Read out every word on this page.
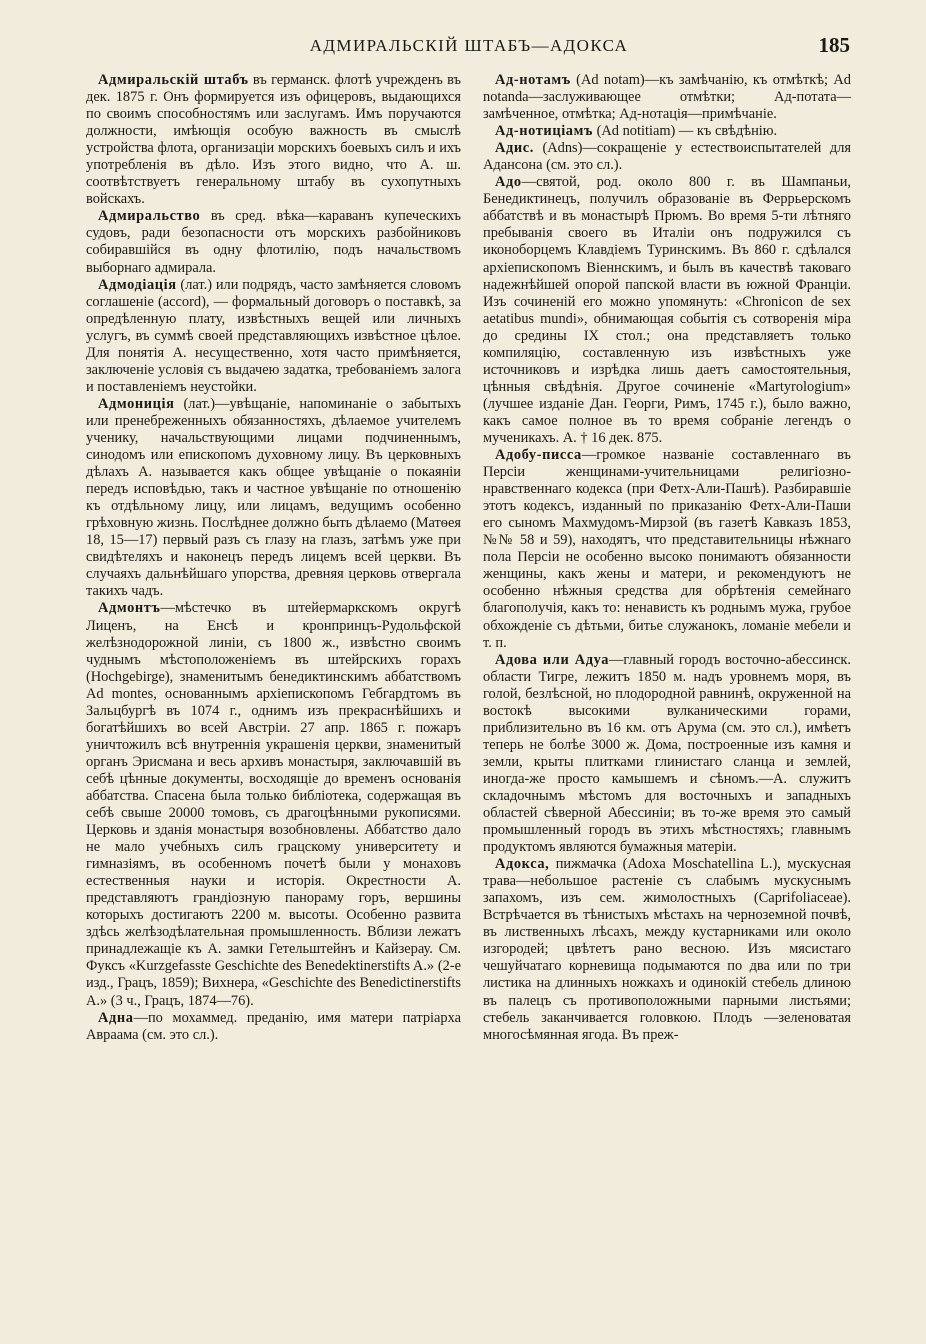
АДМИРАЛЬСКІЙ ШТАБЪ—АДОКСА	185

Адмиральскій штабъ въ германск. флотѣ учрежденъ въ дек. 1875 г. Онъ формируется изъ офицеровъ, выдающихся по своимъ способностямъ или заслугамъ. Имъ поручаются должности, имѣющія особую важность въ смыслѣ устройства флота, организаціи морскихъ боевыхъ силъ и ихъ употребленія въ дѣло. Изъ этого видно, что А. ш. соотвѣтствуетъ генеральному штабу въ сухопутныхъ войскахъ.

Адмиральство въ сред. вѣка—караванъ купеческихъ судовъ, ради безопасности отъ морскихъ разбойниковъ собиравшійся въ одну флотилію, подъ начальствомъ выборнаго адмирала.

Адмодіація (лат.) или подрядъ, часто замѣняется словомъ соглашеніе (accord), — формальный договоръ о поставкѣ, за опредѣленную плату, извѣстныхъ вещей или личныхъ услугъ, въ суммѣ своей представляющихъ извѣстное цѣлое. Для понятія А. несущественно, хотя часто примѣняется, заключеніе условія съ выдачею задатка, требованіемъ залога и поставленіемъ неустойки.

Адмониція (лат.)—увѣщаніе, напоминаніе о забытыхъ или пренебреженныхъ обязанностяхъ, дѣлаемое учителемъ ученику, начальствующими лицами подчиненнымъ, синодомъ или епископомъ духовному лицу. Въ церковныхъ дѣлахъ А. называется какъ общее увѣщаніе о покаяніи передъ исповѣдью, такъ и частное увѣщаніе по отношенію къ отдѣльному лицу, или лицамъ, ведущимъ особенно грѣховную жизнь. Послѣднее должно быть дѣлаемо (Матѳея 18, 15—17) первый разъ съ глазу на глазъ, затѣмъ уже при свидѣтеляхъ и наконецъ передъ лицемъ всей церкви. Въ случаяхъ дальнѣйшаго упорства, древняя церковь отвергала такихъ чадъ.

Адмонтъ—мѣстечко въ штейермаркскомъ округѣ Лиценъ, на Енсѣ и кронпринцъ-Рудольфской желѣзнодорожной линіи, съ 1800 ж., извѣстно своимъ чуднымъ мѣстоположеніемъ въ штейрскихъ горахъ (Hochgebirge), знаменитымъ бенедиктинскимъ аббатствомъ Ad montes, основаннымъ архіепископомъ Гебгардтомъ въ Зальцбургѣ въ 1074 г., однимъ изъ прекраснѣйшихъ и богатѣйшихъ во всей Австріи. 27 апр. 1865 г. пожаръ уничтожилъ всѣ внутреннія украшенія церкви, знаменитый органъ Эрисмана и весь архивъ монастыря, заключавшій въ себѣ цѣнные документы, восходящіе до временъ основанія аббатства. Спасена была только библіотека, содержащая въ себѣ свыше 20000 томовъ, съ драгоцѣнными рукописями. Церковь и зданія монастыря возобновлены. Аббатство дало не мало учебныхъ силъ грацскому университету и гимназіямъ, въ особенномъ почетѣ были у монаховъ естественныя науки и исторія. Окрестности А. представляютъ грандіозную панораму горъ, вершины которыхъ достигаютъ 2200 м. высоты. Особенно развита здѣсь желѣзодѣлательная промышленность. Вблизи лежатъ принадлежащіе къ А. замки Гетельштейнъ и Кайзерау. См. Фуксъ «Kurzgefasste Geschichte des Benedektinerstifts A.» (2-е изд., Грацъ, 1859); Вихнера, «Geschichte des Benedictinerstifts A.» (3 ч., Грацъ, 1874—76).

Адна—по мохаммед. преданію, имя матери патріарха Авраама (см. это сл.).

Ад-нотамъ (Ad notam)—къ замѣчанію, къ отмѣткѣ; Ad notanda—заслуживающее отмѣтки; Ад-потата—замѣченное, отмѣтка; Ад-нотація—примѣчаніе.

Ад-нотиціамъ (Ad notitiam) — къ свѣдѣнію.

Адис. (Adns)—сокращеніе у естествоиспытателей для Адансона (см. это сл.).

Адо—святой, род. около 800 г. въ Шампаньи, Бенедиктинецъ, получилъ образованіе въ Феррьерскомъ аббатствѣ и въ монастырѣ Прюмъ. Во время 5-ти лѣтняго пребыванія своего въ Италіи онъ подружился съ иконоборцемъ Клавдіемъ Туринскимъ. Въ 860 г. сдѣлался архіепископомъ Віеннскимъ, и былъ въ качествѣ таковаго надежнѣйшей опорой папской власти въ южной Франціи. Изъ сочиненій его можно упомянуть: «Chronicon de sex aetatibus mundi», обнимающая событія съ сотворенія міра до средины IX стол.; она представляетъ только компиляцію, составленную изъ извѣстныхъ уже источниковъ и изрѣдка лишь даетъ самостоятельныя, цѣнныя свѣдѣнія. Другое сочиненіе «Martyrologium» (лучшее изданіе Дан. Георги, Римъ, 1745 г.), было важно, какъ самое полное въ то время собраніе легендъ о мученикахъ. А. † 16 дек. 875.

Адобу-писса—громкое названіе составленнаго въ Персіи женщинами-учительницами религіозно-нравственнаго кодекса (при Фетх-Али-Пашѣ). Разбиравшіе этотъ кодексъ, изданный по приказанію Фетх-Али-Паши его сыномъ Махмудомъ-Мирзой (въ газетѣ Кавказъ 1853, №№ 58 и 59), находятъ, что представительницы нѣжнаго пола Персіи не особенно высоко понимаютъ обязанности женщины, какъ жены и матери, и рекомендуютъ не особенно нѣжныя средства для обрѣтенія семейнаго благополучія, какъ то: ненависть къ роднымъ мужа, грубое обхожденіе съ дѣтьми, битье служанокъ, ломаніе мебели и т. п.

Адова или Адуа—главный городъ восточно-абессинск. области Тигре, лежитъ 1850 м. надъ уровнемъ моря, въ голой, безлѣсной, но плодородной равнинѣ, окруженной на востокѣ высокими вулканическими горами, приблизительно въ 16 км. отъ Арума (см. это сл.), имѣетъ теперь не болѣе 3000 ж. Дома, построенные изъ камня и земли, крыты плитками глинистаго сланца и землей, иногда-же просто камышемъ и сѣномъ.—А. служитъ складочнымъ мѣстомъ для восточныхъ и западныхъ областей сѣверной Абессиніи; въ то-же время это самый промышленный городъ въ этихъ мѣстностяхъ; главнымъ продуктомъ являются бумажныя матеріи.

Адокса, пижмачка (Adoxa Moschatellina L.), мускусная трава—небольшое растеніе съ слабымъ мускуснымъ запахомъ, изъ сем. жимолостныхъ (Caprifoliaceae). Встрѣчается въ тѣнистыхъ мѣстахъ на черноземной почвѣ, въ лиственныхъ лѣсахъ, между кустарниками или около изгородей; цвѣтетъ рано весною. Изъ мясистаго чешуйчатаго корневища подымаются по два или по три листика на длинныхъ ножкахъ и одинокій стебель длиною въ палецъ съ противоположными парными листьями; стебель заканчивается головкою. Плодъ —зеленоватая многосѣмянная ягода. Въ преж-
